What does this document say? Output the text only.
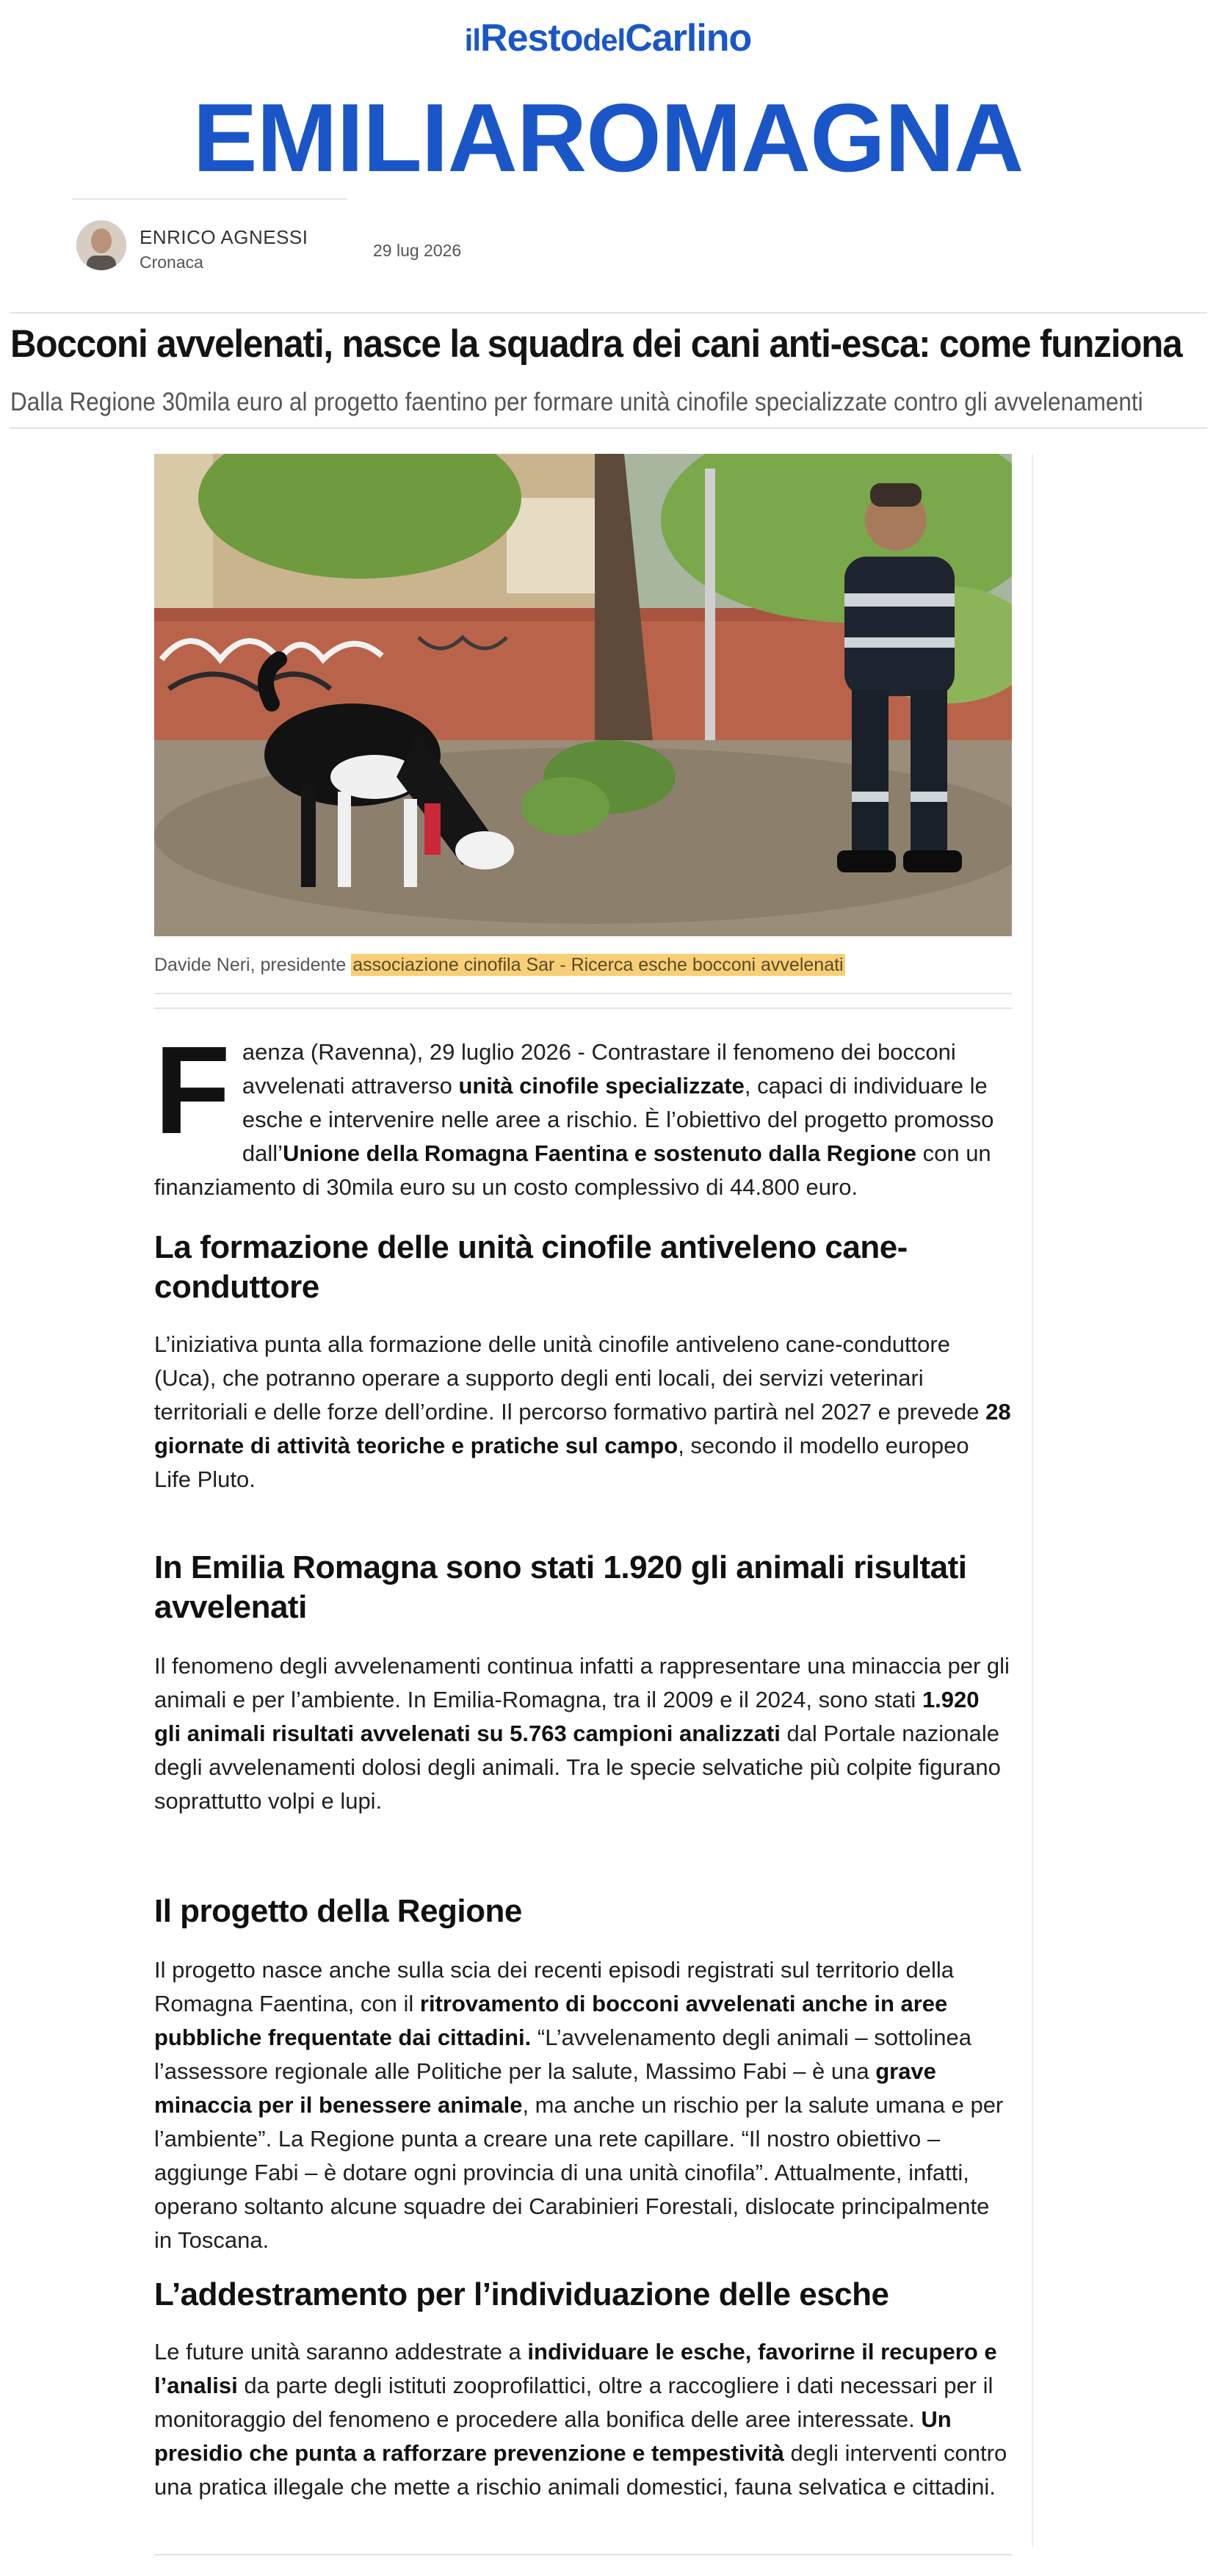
ilRestodelCarlino
EMILIAROMAGNA
ENRICO AGNESSI
Cronaca
29 lug 2026
Bocconi avvelenati, nasce la squadra dei cani anti-esca: come funziona
Dalla Regione 30mila euro al progetto faentino per formare unità cinofile specializzate contro gli avvelenamenti
Davide Neri, presidente associazione cinofila Sar - Ricerca esche bocconi avvelenati

Faenza (Ravenna), 29 luglio 2026 - Contrastare il fenomeno dei bocconi avvelenati attraverso unità cinofile specializzate, capaci di individuare le esche e intervenire nelle aree a rischio. È l’obiettivo del progetto promosso dall’Unione della Romagna Faentina e sostenuto dalla Regione con un finanziamento di 30mila euro su un costo complessivo di 44.800 euro.

La formazione delle unità cinofile antiveleno cane-conduttore

L’iniziativa punta alla formazione delle unità cinofile antiveleno cane-conduttore (Uca), che potranno operare a supporto degli enti locali, dei servizi veterinari territoriali e delle forze dell’ordine. Il percorso formativo partirà nel 2027 e prevede 28 giornate di attività teoriche e pratiche sul campo, secondo il modello europeo Life Pluto.

In Emilia Romagna sono stati 1.920 gli animali risultati avvelenati

Il fenomeno degli avvelenamenti continua infatti a rappresentare una minaccia per gli animali e per l’ambiente. In Emilia-Romagna, tra il 2009 e il 2024, sono stati 1.920 gli animali risultati avvelenati su 5.763 campioni analizzati dal Portale nazionale degli avvelenamenti dolosi degli animali. Tra le specie selvatiche più colpite figurano soprattutto volpi e lupi.

Il progetto della Regione

Il progetto nasce anche sulla scia dei recenti episodi registrati sul territorio della Romagna Faentina, con il ritrovamento di bocconi avvelenati anche in aree pubbliche frequentate dai cittadini. “L’avvelenamento degli animali – sottolinea l’assessore regionale alle Politiche per la salute, Massimo Fabi – è una grave minaccia per il benessere animale, ma anche un rischio per la salute umana e per l’ambiente”. La Regione punta a creare una rete capillare. “Il nostro obiettivo – aggiunge Fabi – è dotare ogni provincia di una unità cinofila”. Attualmente, infatti, operano soltanto alcune squadre dei Carabinieri Forestali, dislocate principalmente in Toscana.

L’addestramento per l’individuazione delle esche

Le future unità saranno addestrate a individuare le esche, favorirne il recupero e l’analisi da parte degli istituti zooprofilattici, oltre a raccogliere i dati necessari per il monitoraggio del fenomeno e procedere alla bonifica delle aree interessate. Un presidio che punta a rafforzare prevenzione e tempestività degli interventi contro una pratica illegale che mette a rischio animali domestici, fauna selvatica e cittadini.
